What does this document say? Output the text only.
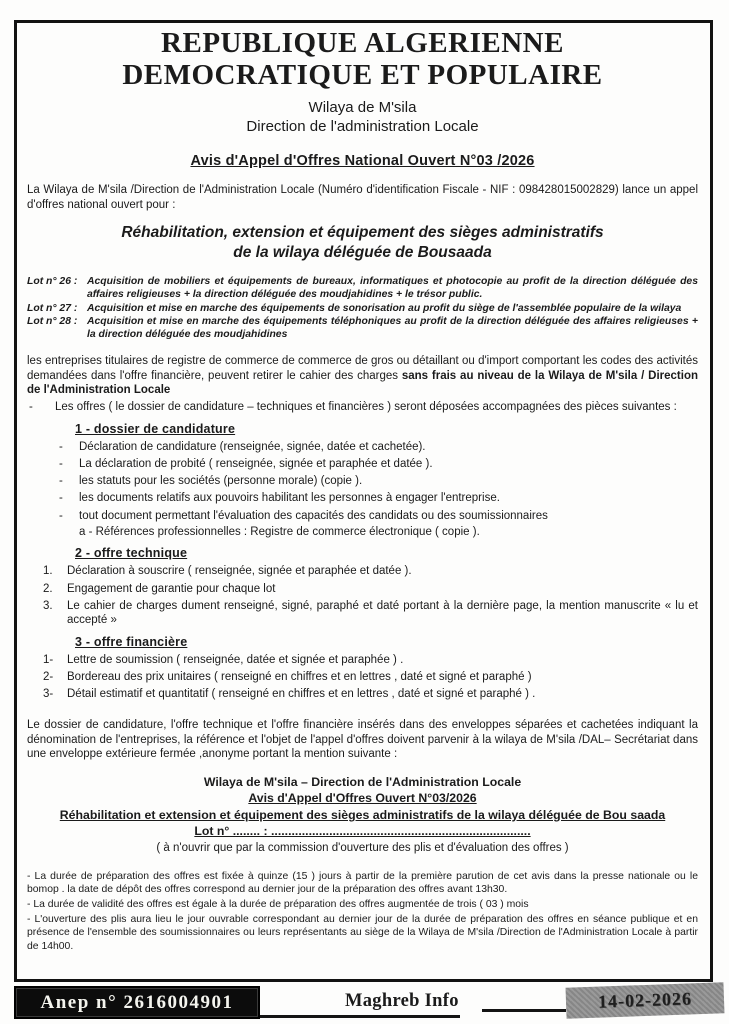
REPUBLIQUE ALGERIENNE
DEMOCRATIQUE ET POPULAIRE
Wilaya de M'sila
Direction de l'administration Locale
Avis d'Appel d'Offres National Ouvert N°03 /2026
La Wilaya de M'sila /Direction de l'Administration Locale (Numéro d'identification Fiscale - NIF : 098428015002829) lance un appel d'offres national ouvert pour :
Réhabilitation, extension et équipement des sièges administratifs
de la wilaya déléguée de Bousaada
Lot n° 26 : Acquisition de mobiliers et équipements de bureaux, informatiques et photocopie au profit de la direction déléguée des affaires religieuses + la direction déléguée des moudjahidines + le trésor public.
Lot n° 27 : Acquisition et mise en marche des équipements de sonorisation au profit du siège de l'assemblée populaire de la wilaya
Lot n° 28 : Acquisition et mise en marche des équipements téléphoniques au profit de la direction déléguée des affaires religieuses + la direction déléguée des moudjahidines
les entreprises titulaires de registre de commerce de commerce de gros ou détaillant ou d'import comportant les codes des activités demandées dans l'offre financière, peuvent retirer le cahier des charges sans frais au niveau de la Wilaya de M'sila / Direction de l'Administration Locale
-	Les offres ( le dossier de candidature – techniques et financières ) seront déposées accompagnées des pièces suivantes :
1 - dossier de candidature
-	Déclaration de candidature (renseignée, signée, datée et cachetée).
-	La déclaration de probité ( renseignée, signée et paraphée et datée ).
-	les statuts pour les sociétés (personne morale) (copie ).
-	les documents relatifs aux pouvoirs habilitant les personnes à engager l'entreprise.
-	tout document permettant l'évaluation des capacités des candidats ou des soumissionnaires
a - Références professionnelles : Registre de commerce électronique ( copie ).
2 - offre technique
1.	Déclaration à souscrire ( renseignée, signée et paraphée et datée ).
2.	Engagement de garantie pour chaque lot
3.	Le cahier de charges dument renseigné, signé, paraphé et daté portant à la dernière page, la mention manuscrite « lu et accepté »
3 - offre financière
1-	Lettre de soumission ( renseignée, datée et signée et paraphée ) .
2-	Bordereau des prix unitaires ( renseigné en chiffres et en lettres , daté et signé et paraphé )
3-	Détail estimatif et quantitatif ( renseigné en chiffres et en lettres , daté et signé et paraphé ) .
Le dossier de candidature, l'offre technique et l'offre financière insérés dans des enveloppes séparées et cachetées indiquant la dénomination de l'entreprises, la référence et l'objet de l'appel d'offres doivent parvenir à la wilaya de M'sila /DAL– Secrétariat dans une enveloppe extérieure fermée ,anonyme portant la mention suivante :
Wilaya de M'sila – Direction de l'Administration Locale
Avis d'Appel d'Offres Ouvert N°03/2026
Réhabilitation et extension et équipement des sièges administratifs de la wilaya déléguée de Bou saada
Lot n° ........ : ............................................................................
( à n'ouvrir que par la commission d'ouverture des plis et d'évaluation des offres )
- La durée de préparation des offres est fixée à quinze (15 ) jours à partir de la première parution de cet avis dans la presse nationale ou le bomop . la date de dépôt des offres correspond au dernier jour de la préparation des offres avant 13h30.
- La durée de validité des offres est égale à la durée de préparation des offres augmentée de trois ( 03 ) mois
- L'ouverture des plis aura lieu le jour ouvrable correspondant au dernier jour de la durée de préparation des offres en séance publique et en présence de l'ensemble des soumissionnaires ou leurs représentants au siège de la Wilaya de M'sila /Direction de l'Administration Locale à partir de 14h00.
Anep n° 2616004901	Maghreb Info	14-02-2026
